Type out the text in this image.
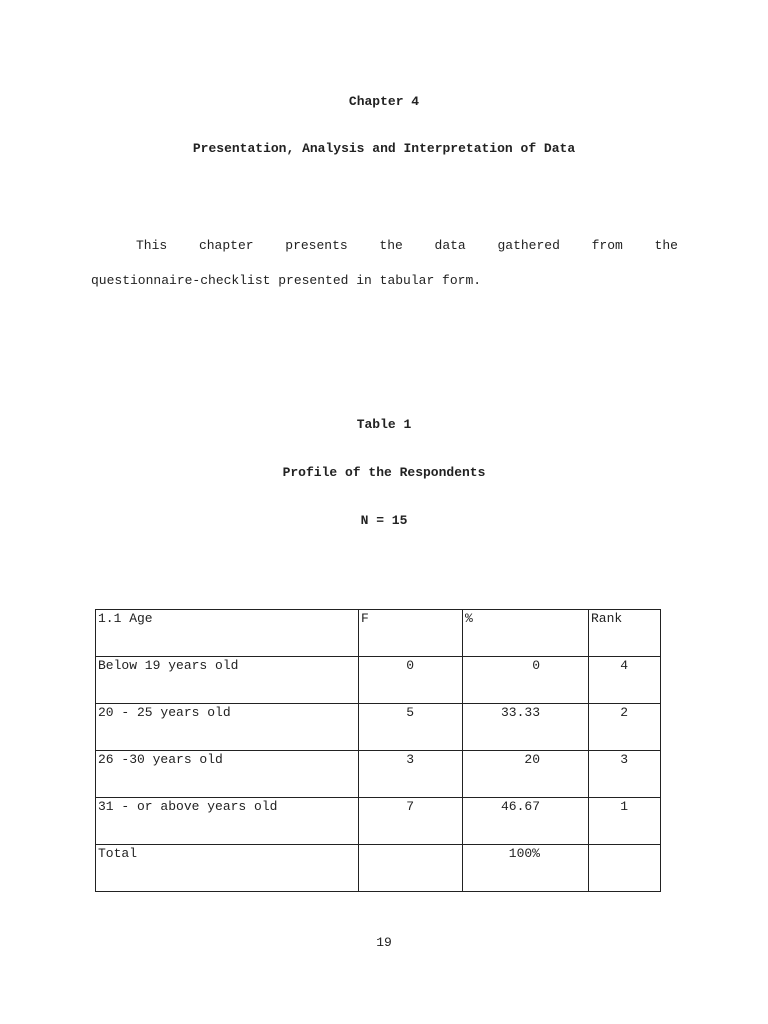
Chapter 4
Presentation, Analysis and Interpretation of Data
This chapter presents the data gathered from the
questionnaire-checklist presented in tabular form.
Table 1
Profile of the Respondents
N = 15
1.1 Age	F	%	Rank
Below 19 years old	0	0	4
20 - 25 years old	5	33.33	2
26 -30 years old	3	20	3
31 - or above years old	7	46.67	1
Total		100%	
19
